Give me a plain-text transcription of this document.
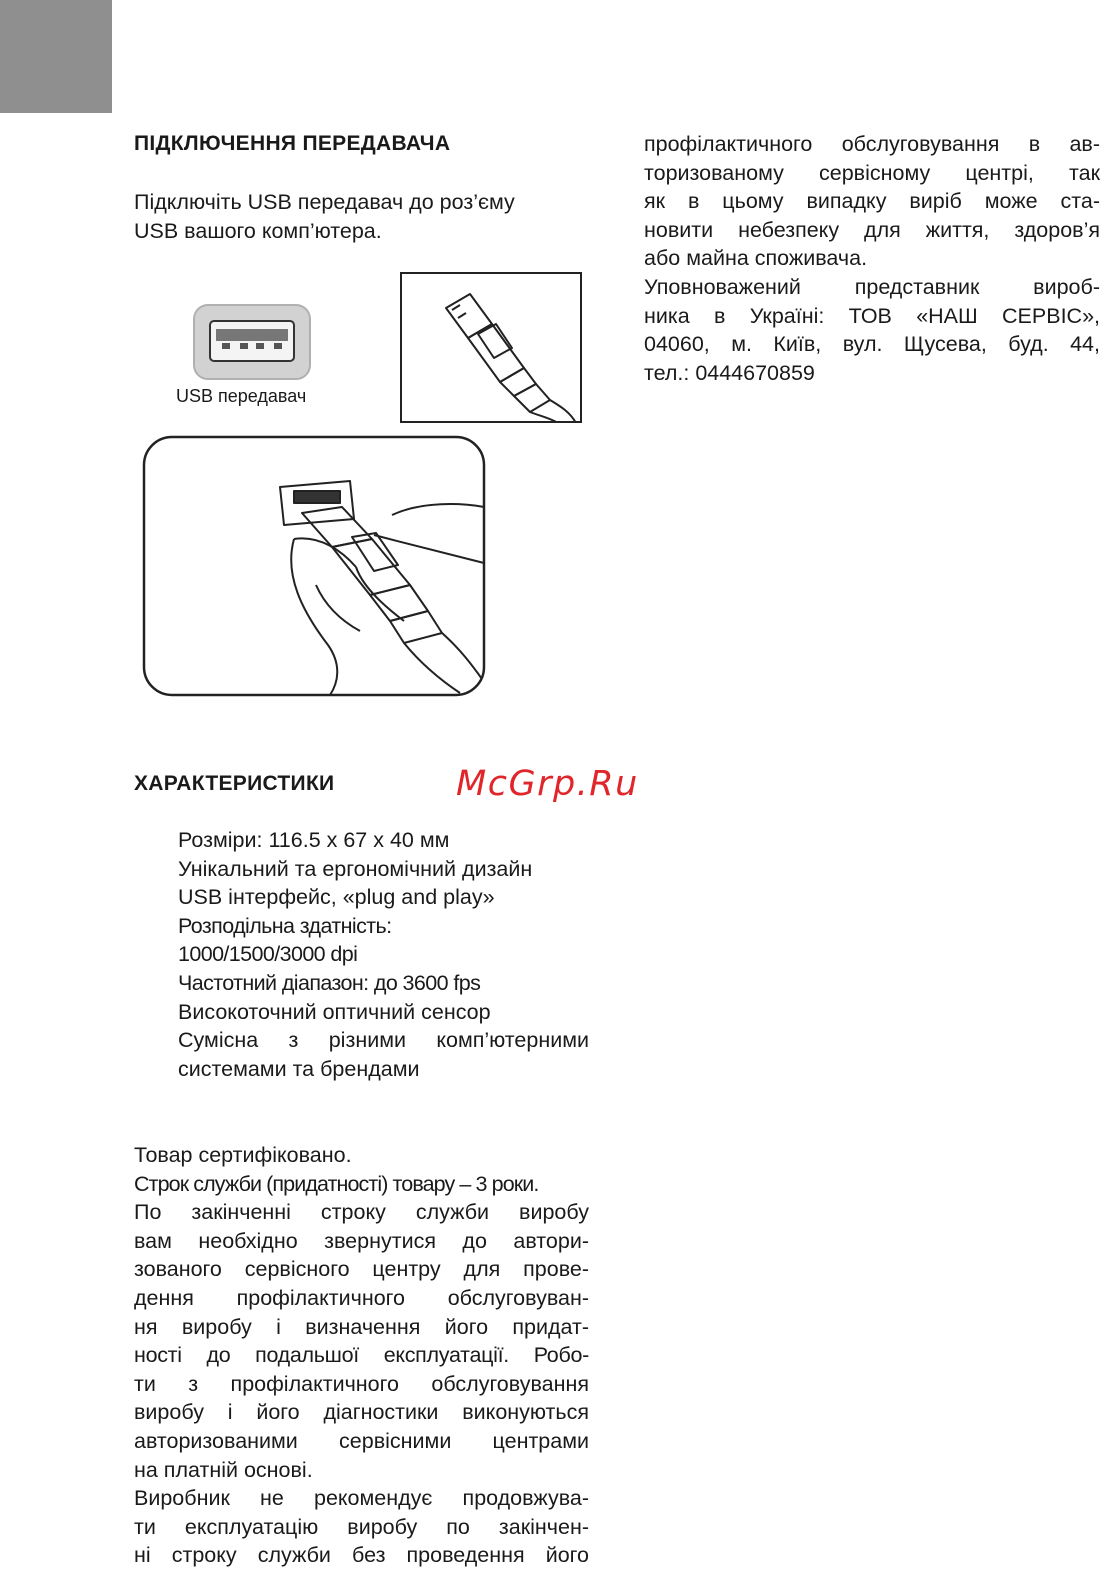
ПІДКЛЮЧЕННЯ ПЕРЕДАВАЧА
Підключіть USB передавач до роз’єму
USB вашого комп’ютера.
USB передавач
ХАРАКТЕРИСТИКИ	McGrp.Ru
Розміри: 116.5 х 67 х 40 мм
Унікальний та ергономічний дизайн
USB інтерфейс, «plug and play»
Розподільна здатність:
1000/1500/3000 dpi
Частотний діапазон: до 3600 fps
Високоточний оптичний сенсор
Сумісна з різними комп’ютерними
системами та брендами
Товар сертифіковано.
Строк служби (придатності) товару – 3 роки.
По закінченні строку служби виробу
вам необхідно звернутися до автори-
зованого сервісного центру для прове-
дення профілактичного обслуговуван-
ня виробу і визначення його придат-
ності до подальшої експлуатації. Робо-
ти з профілактичного обслуговування
виробу і його діагностики виконуються
авторизованими сервісними центрами
на платній основі.
Виробник не рекомендує продовжува-
ти експлуатацію виробу по закінчен-
ні строку служби без проведення його
профілактичного обслуговування в ав-
торизованому сервісному центрі, так
як в цьому випадку виріб може ста-
новити небезпеку для життя, здоров’я
або майна споживача.
Уповноважений представник вироб-
ника в Україні: ТОВ «НАШ СЕРВІС»,
04060, м. Київ, вул. Щусева, буд. 44,
тел.: 0444670859
